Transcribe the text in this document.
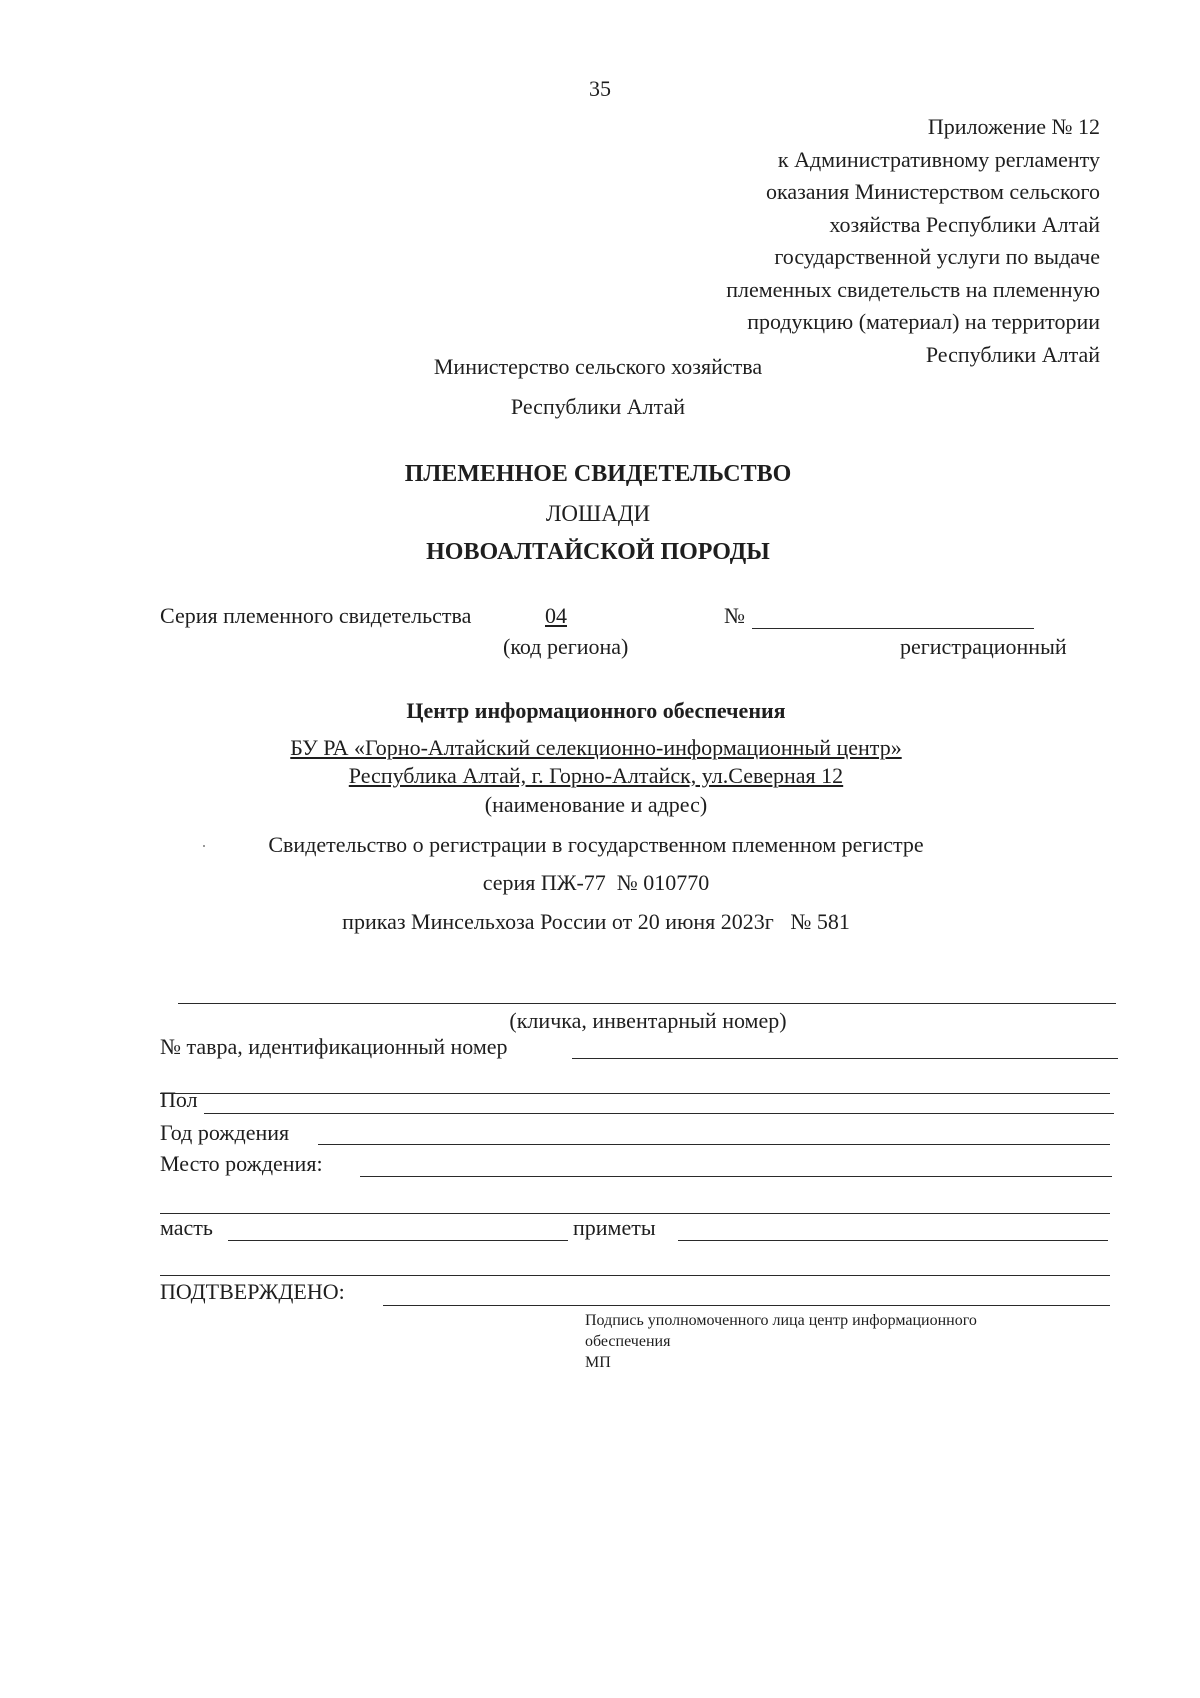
35
Приложение № 12
к Административному регламенту
оказания Министерством сельского
хозяйства Республики Алтай
государственной услуги по выдаче
племенных свидетельств на племенную
продукцию (материал) на территории
Республики Алтай
Министерство сельского хозяйства
Республики Алтай
ПЛЕМЕННОЕ СВИДЕТЕЛЬСТВО
ЛОШАДИ
НОВОАЛТАЙСКОЙ ПОРОДЫ
Серия племенного свидетельства	04
(код региона)
№
регистрационный
Центр информационного обеспечения
БУ РА «Горно-Алтайский селекционно-информационный центр»
Республика Алтай, г. Горно-Алтайск, ул.Северная 12
(наименование и адрес)
Свидетельство о регистрации в государственном племенном регистре
серия ПЖ-77  № 010770
приказ Минсельхоза России от 20 июня 2023г   № 581
(кличка, инвентарный номер)
№ тавра, идентификационный номер
Пол
Год рождения
Место рождения:
масть	приметы
ПОДТВЕРЖДЕНО:
Подпись уполномоченного лица центр информационного
обеспечения
МП
